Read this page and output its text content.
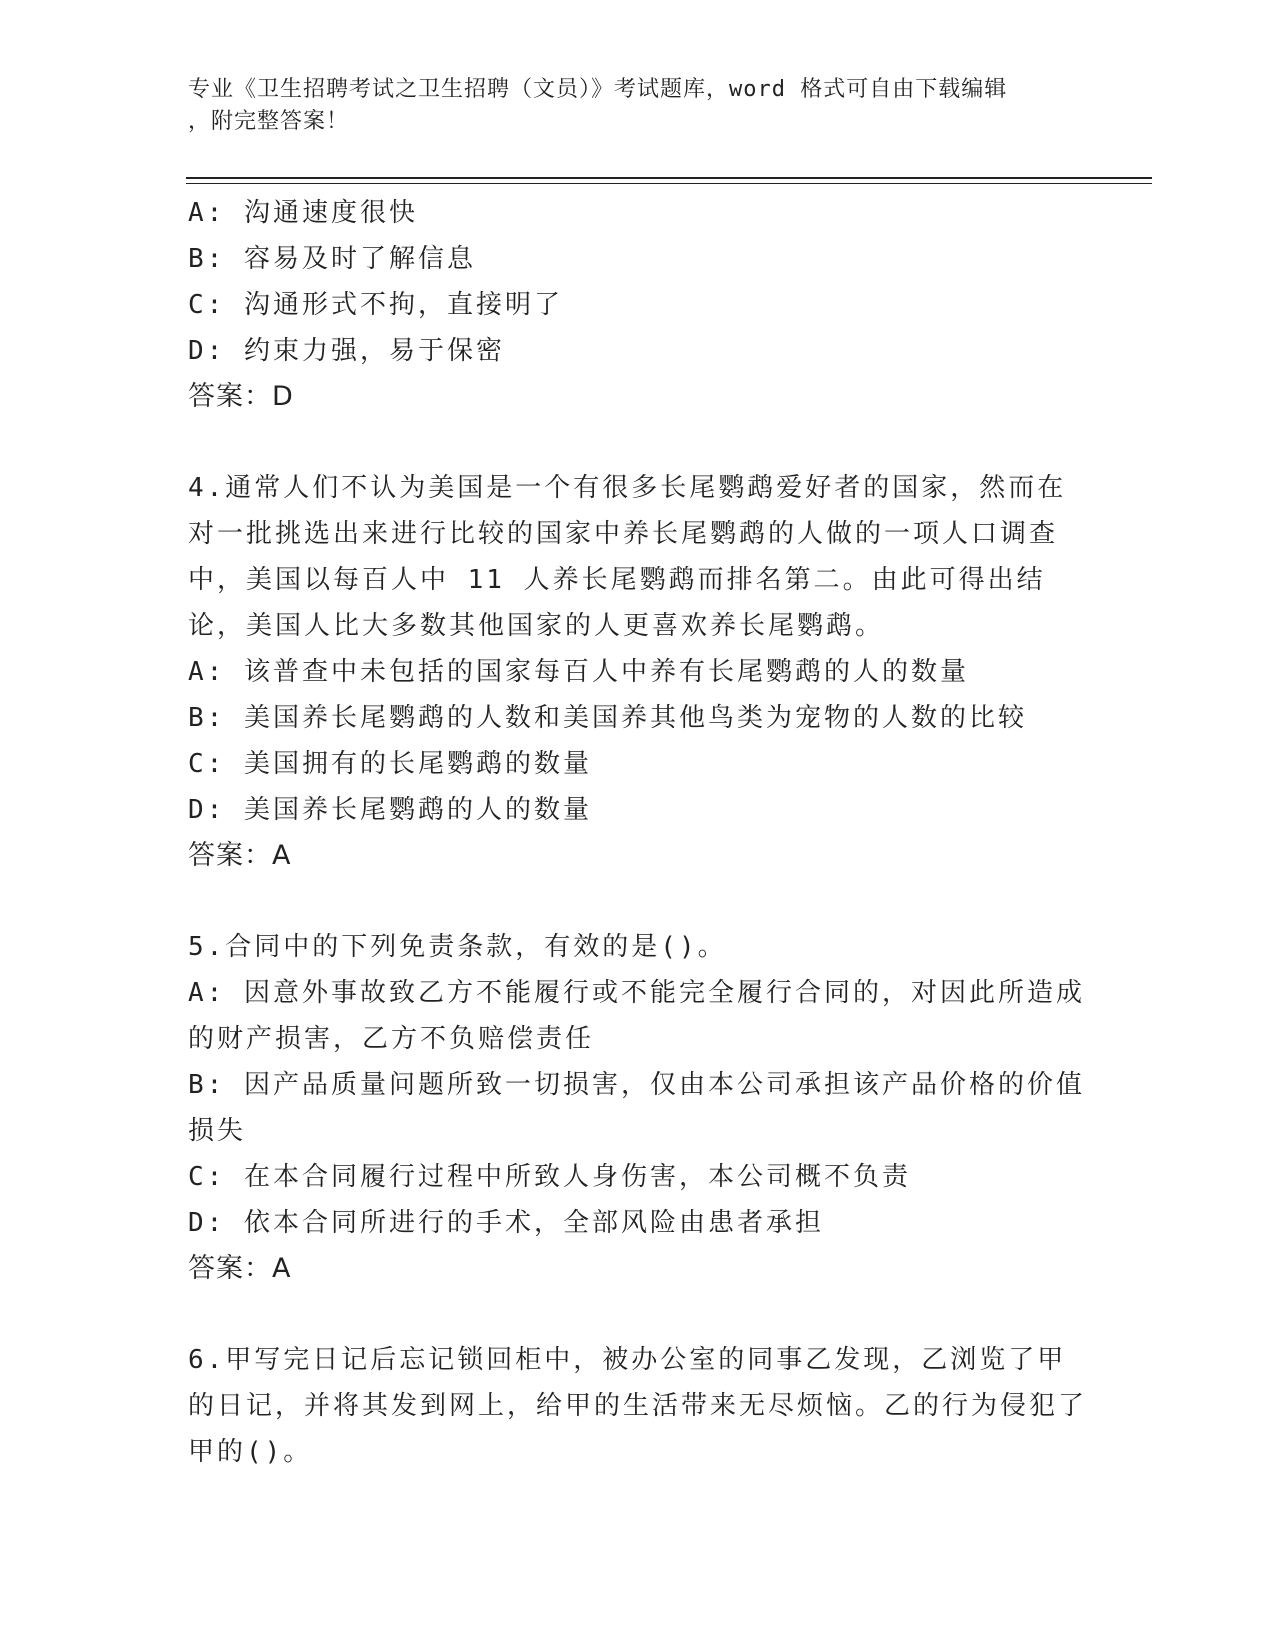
专业《卫生招聘考试之卫生招聘（文员）》考试题库，word 格式可自由下载编辑
，附完整答案！
A: 沟通速度很快
B: 容易及时了解信息
C: 沟通形式不拘，直接明了
D: 约束力强，易于保密
答案：D
4.通常人们不认为美国是一个有很多长尾鹦鹉爱好者的国家，然而在对一批挑选出来进行比较的国家中养长尾鹦鹉的人做的一项人口调查中，美国以每百人中 11 人养长尾鹦鹉而排名第二。由此可得出结论，美国人比大多数其他国家的人更喜欢养长尾鹦鹉。
A: 该普查中未包括的国家每百人中养有长尾鹦鹉的人的数量
B: 美国养长尾鹦鹉的人数和美国养其他鸟类为宠物的人数的比较
C: 美国拥有的长尾鹦鹉的数量
D: 美国养长尾鹦鹉的人的数量
答案：A
5.合同中的下列免责条款，有效的是()。
A: 因意外事故致乙方不能履行或不能完全履行合同的，对因此所造成的财产损害，乙方不负赔偿责任
B: 因产品质量问题所致一切损害，仅由本公司承担该产品价格的价值损失
C: 在本合同履行过程中所致人身伤害，本公司概不负责
D: 依本合同所进行的手术，全部风险由患者承担
答案：A
6.甲写完日记后忘记锁回柜中，被办公室的同事乙发现，乙浏览了甲的日记，并将其发到网上，给甲的生活带来无尽烦恼。乙的行为侵犯了甲的()。
